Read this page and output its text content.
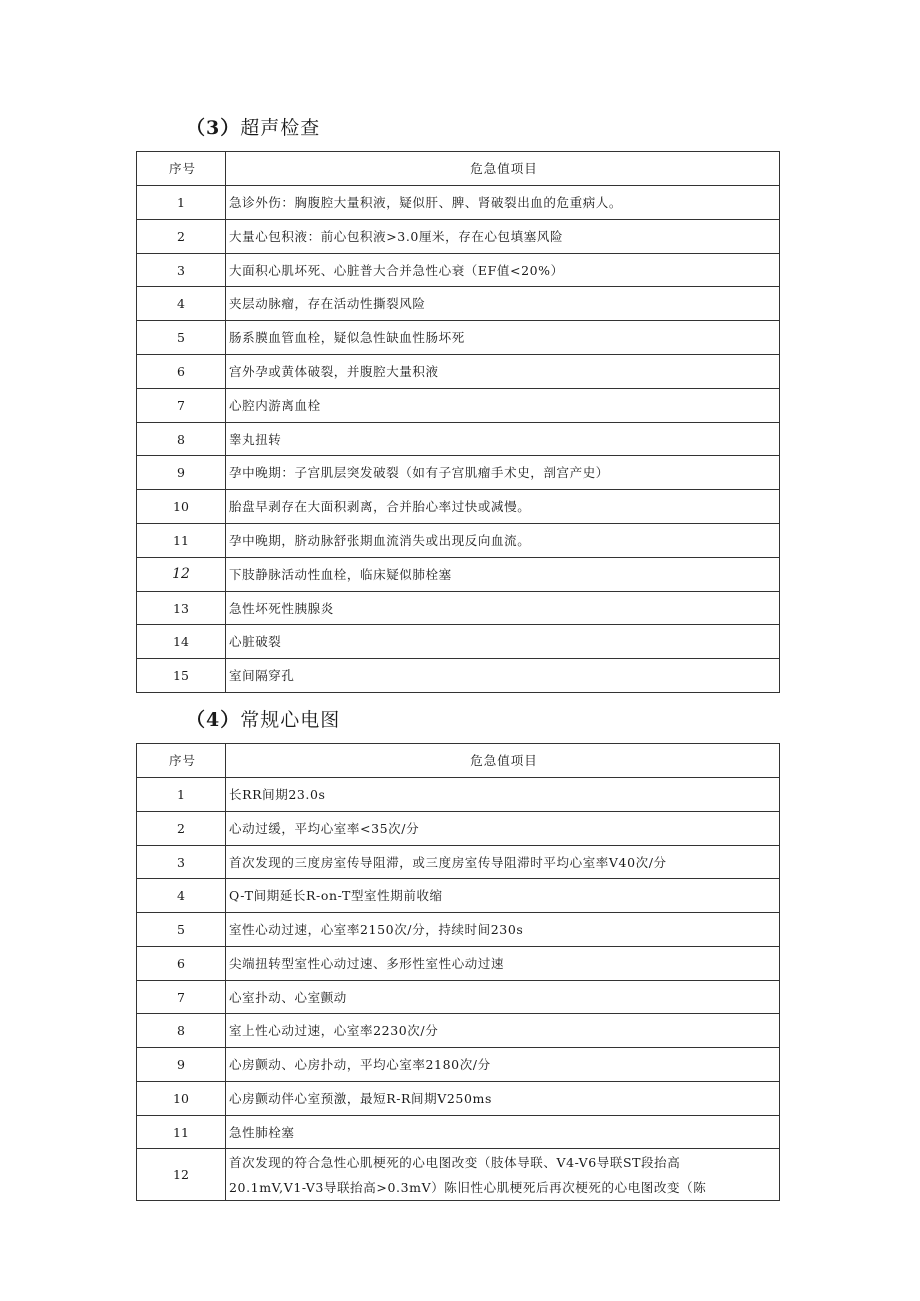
（3）超声检查
序号	危急值项目
1	急诊外伤：胸腹腔大量积液，疑似肝、脾、肾破裂出血的危重病人。
2	大量心包积液：前心包积液>3.0厘米，存在心包填塞风险
3	大面积心肌坏死、心脏普大合并急性心衰（EF值<20%）
4	夹层动脉瘤，存在活动性撕裂风险
5	肠系膜血管血栓，疑似急性缺血性肠坏死
6	宫外孕或黄体破裂，并腹腔大量积液
7	心腔内游离血栓
8	睾丸扭转
9	孕中晚期：子宫肌层突发破裂（如有子宫肌瘤手术史，剖宫产史）
10	胎盘早剥存在大面积剥离，合并胎心率过快或减慢。
11	孕中晚期，脐动脉舒张期血流消失或出现反向血流。
12	下肢静脉活动性血栓，临床疑似肺栓塞
13	急性坏死性胰腺炎
14	心脏破裂
15	室间隔穿孔
（4）常规心电图
序号	危急值项目
1	长RR间期23.0s
2	心动过缓，平均心室率<35次/分
3	首次发现的三度房室传导阻滞，或三度房室传导阻滞时平均心室率V40次/分
4	Q-T间期延长R-on-T型室性期前收缩
5	室性心动过速，心室率2150次/分，持续时间230s
6	尖端扭转型室性心动过速、多形性室性心动过速
7	心室扑动、心室颤动
8	室上性心动过速，心室率2230次/分
9	心房颤动、心房扑动，平均心室率2180次/分
10	心房颤动伴心室预激，最短R-R间期V250ms
11	急性肺栓塞
12	首次发现的符合急性心肌梗死的心电图改变（肢体导联、V4-V6导联ST段抬高
20.1mV,V1-V3导联抬高>0.3mV）陈旧性心肌梗死后再次梗死的心电图改变（陈
